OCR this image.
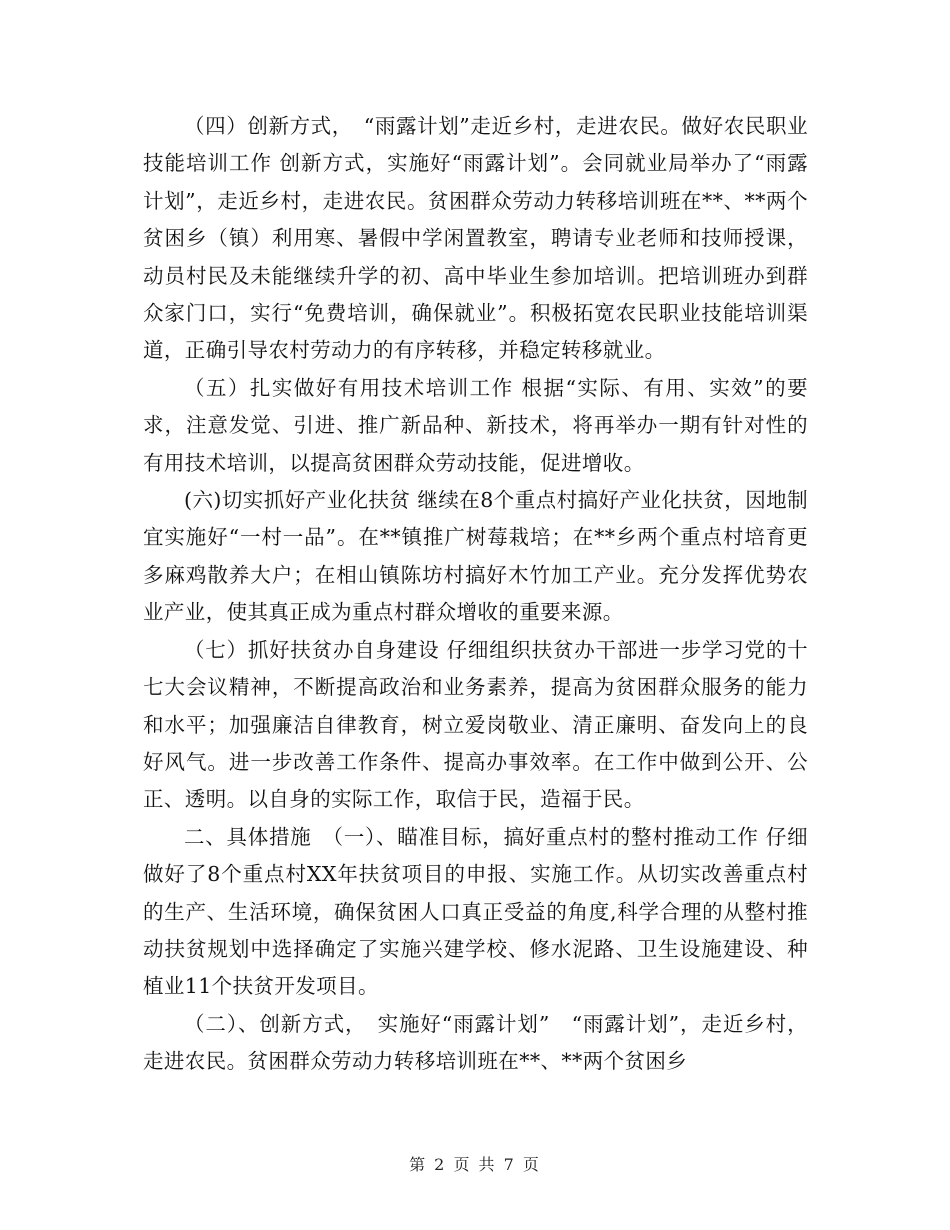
（四）创新方式，　“雨露计划”走近乡村，走进农民。做好农民职业技能培训工作 创新方式，实施好“雨露计划”。会同就业局举办了“雨露计划”，走近乡村，走进农民。贫困群众劳动力转移培训班在**、**两个贫困乡（镇）利用寒、暑假中学闲置教室，聘请专业老师和技师授课，动员村民及未能继续升学的初、高中毕业生参加培训。把培训班办到群众家门口，实行“免费培训，确保就业”。积极拓宽农民职业技能培训渠道，正确引导农村劳动力的有序转移，并稳定转移就业。

（五）扎实做好有用技术培训工作 根据“实际、有用、实效”的要求，注意发觉、引进、推广新品种、新技术，将再举办一期有针对性的有用技术培训，以提高贫困群众劳动技能，促进增收。

(六)切实抓好产业化扶贫 继续在8个重点村搞好产业化扶贫，因地制宜实施好“一村一品”。在**镇推广树莓栽培；在**乡两个重点村培育更多麻鸡散养大户；在相山镇陈坊村搞好木竹加工产业。充分发挥优势农业产业，使其真正成为重点村群众增收的重要来源。

（七）抓好扶贫办自身建设 仔细组织扶贫办干部进一步学习党的十七大会议精神，不断提高政治和业务素养，提高为贫困群众服务的能力和水平；加强廉洁自律教育，树立爱岗敬业、清正廉明、奋发向上的良好风气。进一步改善工作条件、提高办事效率。在工作中做到公开、公正、透明。以自身的实际工作，取信于民，造福于民。

二、具体措施　（一）、瞄准目标，搞好重点村的整村推动工作 仔细做好了8个重点村XX年扶贫项目的申报、实施工作。从切实改善重点村的生产、生活环境，确保贫困人口真正受益的角度,科学合理的从整村推动扶贫规划中选择确定了实施兴建学校、修水泥路、卫生设施建设、种植业11个扶贫开发项目。

（二）、创新方式，　实施好“雨露计划”　“雨露计划”，走近乡村，走进农民。贫困群众劳动力转移培训班在**、**两个贫困乡

第 2 页 共 7 页
